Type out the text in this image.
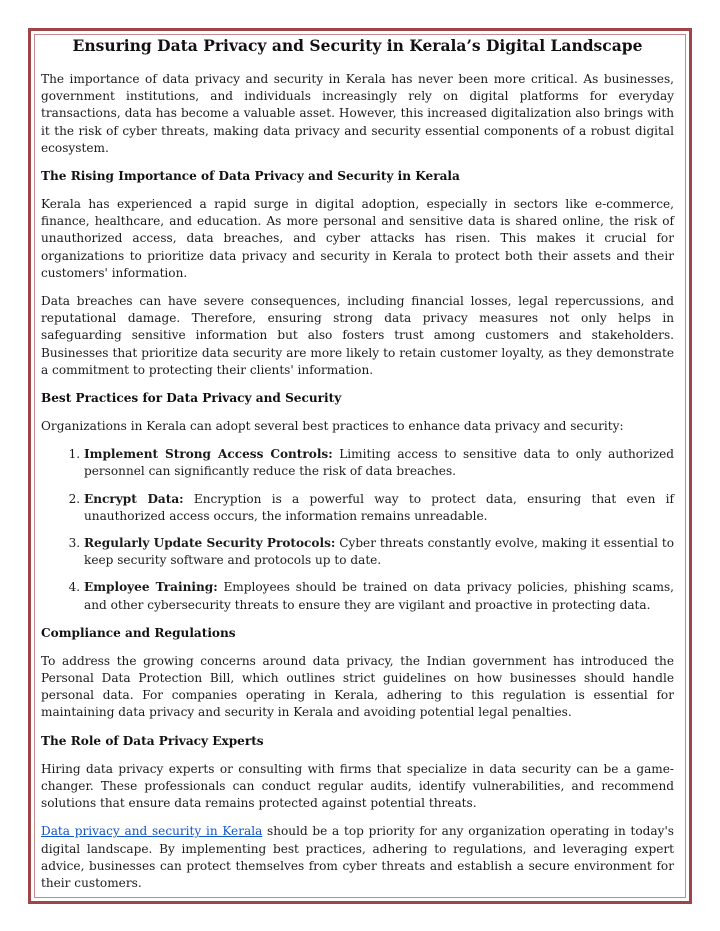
Ensuring Data Privacy and Security in Kerala’s Digital Landscape

The importance of data privacy and security in Kerala has never been more critical. As businesses, government institutions, and individuals increasingly rely on digital platforms for everyday transactions, data has become a valuable asset. However, this increased digitalization also brings with it the risk of cyber threats, making data privacy and security essential components of a robust digital ecosystem.

The Rising Importance of Data Privacy and Security in Kerala

Kerala has experienced a rapid surge in digital adoption, especially in sectors like e-commerce, finance, healthcare, and education. As more personal and sensitive data is shared online, the risk of unauthorized access, data breaches, and cyber attacks has risen. This makes it crucial for organizations to prioritize data privacy and security in Kerala to protect both their assets and their customers' information.

Data breaches can have severe consequences, including financial losses, legal repercussions, and reputational damage. Therefore, ensuring strong data privacy measures not only helps in safeguarding sensitive information but also fosters trust among customers and stakeholders. Businesses that prioritize data security are more likely to retain customer loyalty, as they demonstrate a commitment to protecting their clients' information.

Best Practices for Data Privacy and Security

Organizations in Kerala can adopt several best practices to enhance data privacy and security:

1. Implement Strong Access Controls: Limiting access to sensitive data to only authorized personnel can significantly reduce the risk of data breaches.
2. Encrypt Data: Encryption is a powerful way to protect data, ensuring that even if unauthorized access occurs, the information remains unreadable.
3. Regularly Update Security Protocols: Cyber threats constantly evolve, making it essential to keep security software and protocols up to date.
4. Employee Training: Employees should be trained on data privacy policies, phishing scams, and other cybersecurity threats to ensure they are vigilant and proactive in protecting data.
Compliance and Regulations

To address the growing concerns around data privacy, the Indian government has introduced the Personal Data Protection Bill, which outlines strict guidelines on how businesses should handle personal data. For companies operating in Kerala, adhering to this regulation is essential for maintaining data privacy and security in Kerala and avoiding potential legal penalties.

The Role of Data Privacy Experts

Hiring data privacy experts or consulting with firms that specialize in data security can be a game-changer. These professionals can conduct regular audits, identify vulnerabilities, and recommend solutions that ensure data remains protected against potential threats.

Data privacy and security in Kerala should be a top priority for any organization operating in today's digital landscape. By implementing best practices, adhering to regulations, and leveraging expert advice, businesses can protect themselves from cyber threats and establish a secure environment for their customers.
